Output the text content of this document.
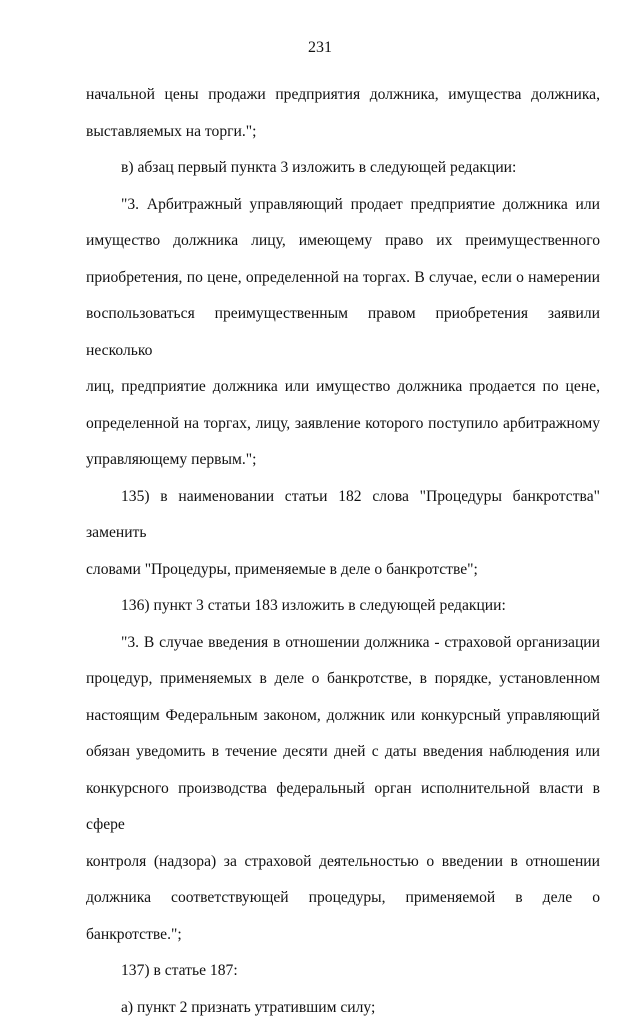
231

начальной цены продажи предприятия должника, имущества должника,
выставляемых на торги.";

в) абзац первый пункта 3 изложить в следующей редакции:

"3. Арбитражный управляющий продает предприятие должника или
имущество должника лицу, имеющему право их преимущественного
приобретения, по цене, определенной на торгах. В случае, если о намерении
воспользоваться преимущественным правом приобретения заявили несколько
лиц, предприятие должника или имущество должника продается по цене,
определенной на торгах, лицу, заявление которого поступило арбитражному
управляющему первым.";

135) в наименовании статьи 182 слова "Процедуры банкротства" заменить
словами "Процедуры, применяемые в деле о банкротстве";

136) пункт 3 статьи 183 изложить в следующей редакции:

"3. В случае введения в отношении должника - страховой организации
процедур, применяемых в деле о банкротстве, в порядке, установленном
настоящим Федеральным законом, должник или конкурсный управляющий
обязан уведомить в течение десяти дней с даты введения наблюдения или
конкурсного производства федеральный орган исполнительной власти в сфере
контроля (надзора) за страховой деятельностью о введении в отношении
должника соответствующей процедуры, применяемой в деле о банкротстве.";

137) в статье 187:

а) пункт 2 признать утратившим силу;
